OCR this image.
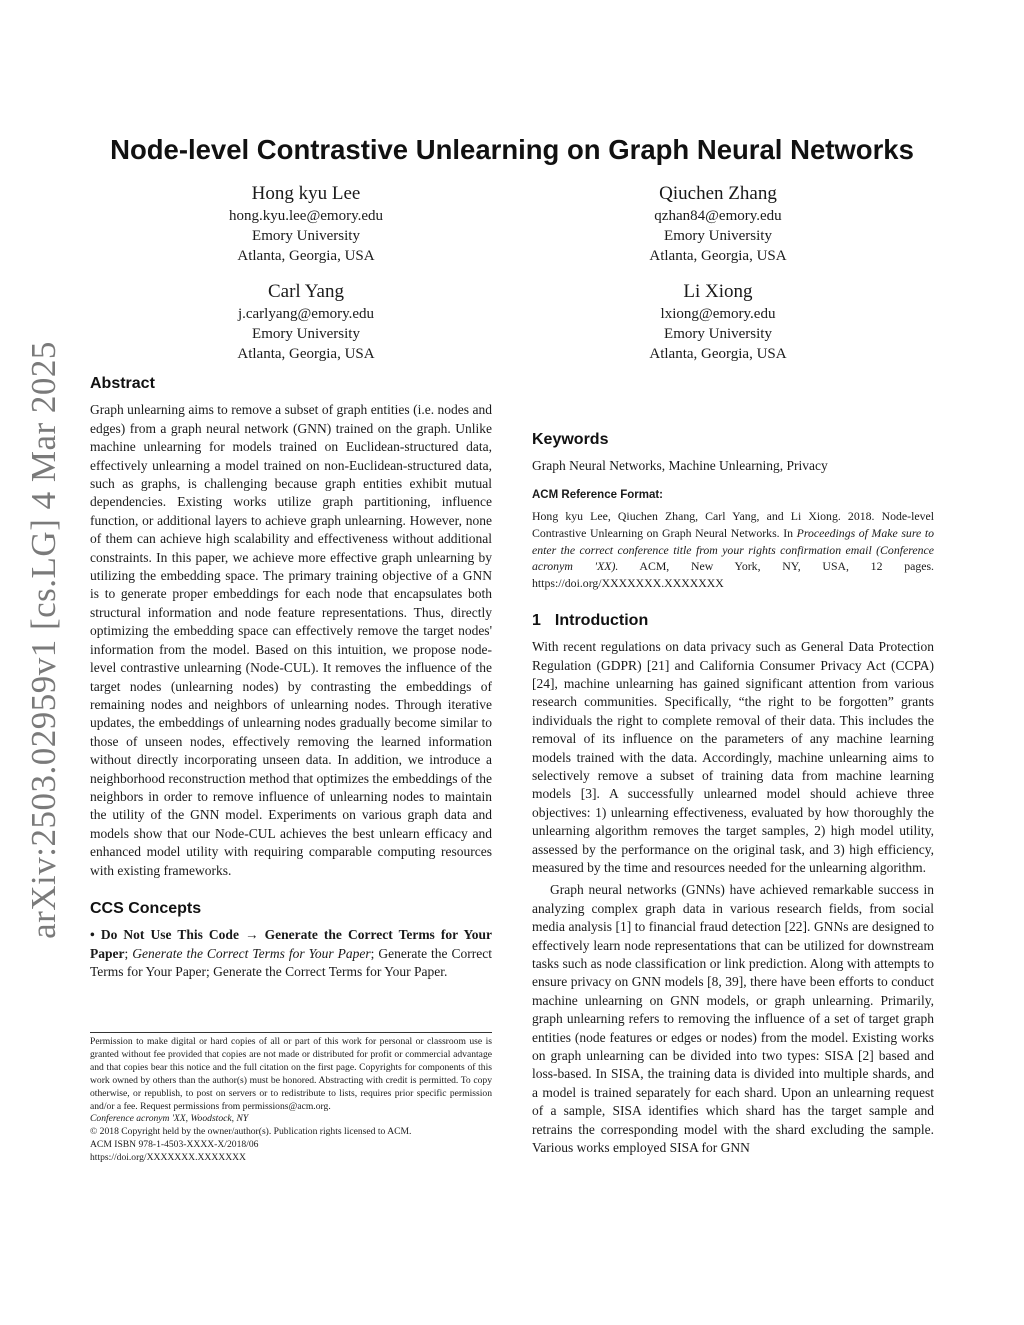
arXiv:2503.02959v1 [cs.LG] 4 Mar 2025
Node-level Contrastive Unlearning on Graph Neural Networks
Hong kyu Lee
hong.kyu.lee@emory.edu
Emory University
Atlanta, Georgia, USA
Qiuchen Zhang
qzhan84@emory.edu
Emory University
Atlanta, Georgia, USA
Carl Yang
j.carlyang@emory.edu
Emory University
Atlanta, Georgia, USA
Li Xiong
lxiong@emory.edu
Emory University
Atlanta, Georgia, USA
Abstract

Graph unlearning aims to remove a subset of graph entities (i.e. nodes and edges) from a graph neural network (GNN) trained on the graph. Unlike machine unlearning for models trained on Euclidean-structured data, effectively unlearning a model trained on non-Euclidean-structured data, such as graphs, is challenging because graph entities exhibit mutual dependencies. Existing works utilize graph partitioning, influence function, or additional layers to achieve graph unlearning. However, none of them can achieve high scalability and effectiveness without additional constraints. In this paper, we achieve more effective graph unlearning by utilizing the embedding space. The primary training objective of a GNN is to generate proper embeddings for each node that encapsulates both structural information and node feature representations. Thus, directly optimizing the embedding space can effectively remove the target nodes' information from the model. Based on this intuition, we propose node-level contrastive unlearning (Node-CUL). It removes the influence of the target nodes (unlearning nodes) by contrasting the embeddings of remaining nodes and neighbors of unlearning nodes. Through iterative updates, the embeddings of unlearning nodes gradually become similar to those of unseen nodes, effectively removing the learned information without directly incorporating unseen data. In addition, we introduce a neighborhood reconstruction method that optimizes the embeddings of the neighbors in order to remove influence of unlearning nodes to maintain the utility of the GNN model. Experiments on various graph data and models show that our Node-CUL achieves the best unlearn efficacy and enhanced model utility with requiring comparable computing resources with existing frameworks.

CCS Concepts

• Do Not Use This Code → Generate the Correct Terms for Your Paper; Generate the Correct Terms for Your Paper; Generate the Correct Terms for Your Paper; Generate the Correct Terms for Your Paper.

Keywords

Graph Neural Networks, Machine Unlearning, Privacy

ACM Reference Format:
Hong kyu Lee, Qiuchen Zhang, Carl Yang, and Li Xiong. 2018. Node-level Contrastive Unlearning on Graph Neural Networks. In Proceedings of Make sure to enter the correct conference title from your rights confirmation email (Conference acronym 'XX). ACM, New York, NY, USA, 12 pages. https://doi.org/XXXXXXX.XXXXXXX
1 Introduction

With recent regulations on data privacy such as General Data Protection Regulation (GDPR) [21] and California Consumer Privacy Act (CCPA) [24], machine unlearning has gained significant attention from various research communities. Specifically, “the right to be forgotten” grants individuals the right to complete removal of their data. This includes the removal of its influence on the parameters of any machine learning models trained with the data. Accordingly, machine unlearning aims to selectively remove a subset of training data from machine learning models [3]. A successfully unlearned model should achieve three objectives: 1) unlearning effectiveness, evaluated by how thoroughly the unlearning algorithm removes the target samples, 2) high model utility, assessed by the performance on the original task, and 3) high efficiency, measured by the time and resources needed for the unlearning algorithm.

Graph neural networks (GNNs) have achieved remarkable success in analyzing complex graph data in various research fields, from social media analysis [1] to financial fraud detection [22]. GNNs are designed to effectively learn node representations that can be utilized for downstream tasks such as node classification or link prediction. Along with attempts to ensure privacy on GNN models [8, 39], there have been efforts to conduct machine unlearning on GNN models, or graph unlearning. Primarily, graph unlearning refers to removing the influence of a set of target graph entities (node features or edges or nodes) from the model. Existing works on graph unlearning can be divided into two types: SISA [2] based and loss-based. In SISA, the training data is divided into multiple shards, and a model is trained separately for each shard. Upon an unlearning request of a sample, SISA identifies which shard has the target sample and retrains the corresponding model with the shard excluding the sample. Various works employed SISA for GNN

Permission to make digital or hard copies of all or part of this work for personal or classroom use is granted without fee provided that copies are not made or distributed for profit or commercial advantage and that copies bear this notice and the full citation on the first page. Copyrights for components of this work owned by others than the author(s) must be honored. Abstracting with credit is permitted. To copy otherwise, or republish, to post on servers or to redistribute to lists, requires prior specific permission and/or a fee. Request permissions from permissions@acm.org.
Conference acronym 'XX, Woodstock, NY
© 2018 Copyright held by the owner/author(s). Publication rights licensed to ACM.
ACM ISBN 978-1-4503-XXXX-X/2018/06
https://doi.org/XXXXXXX.XXXXXXX
